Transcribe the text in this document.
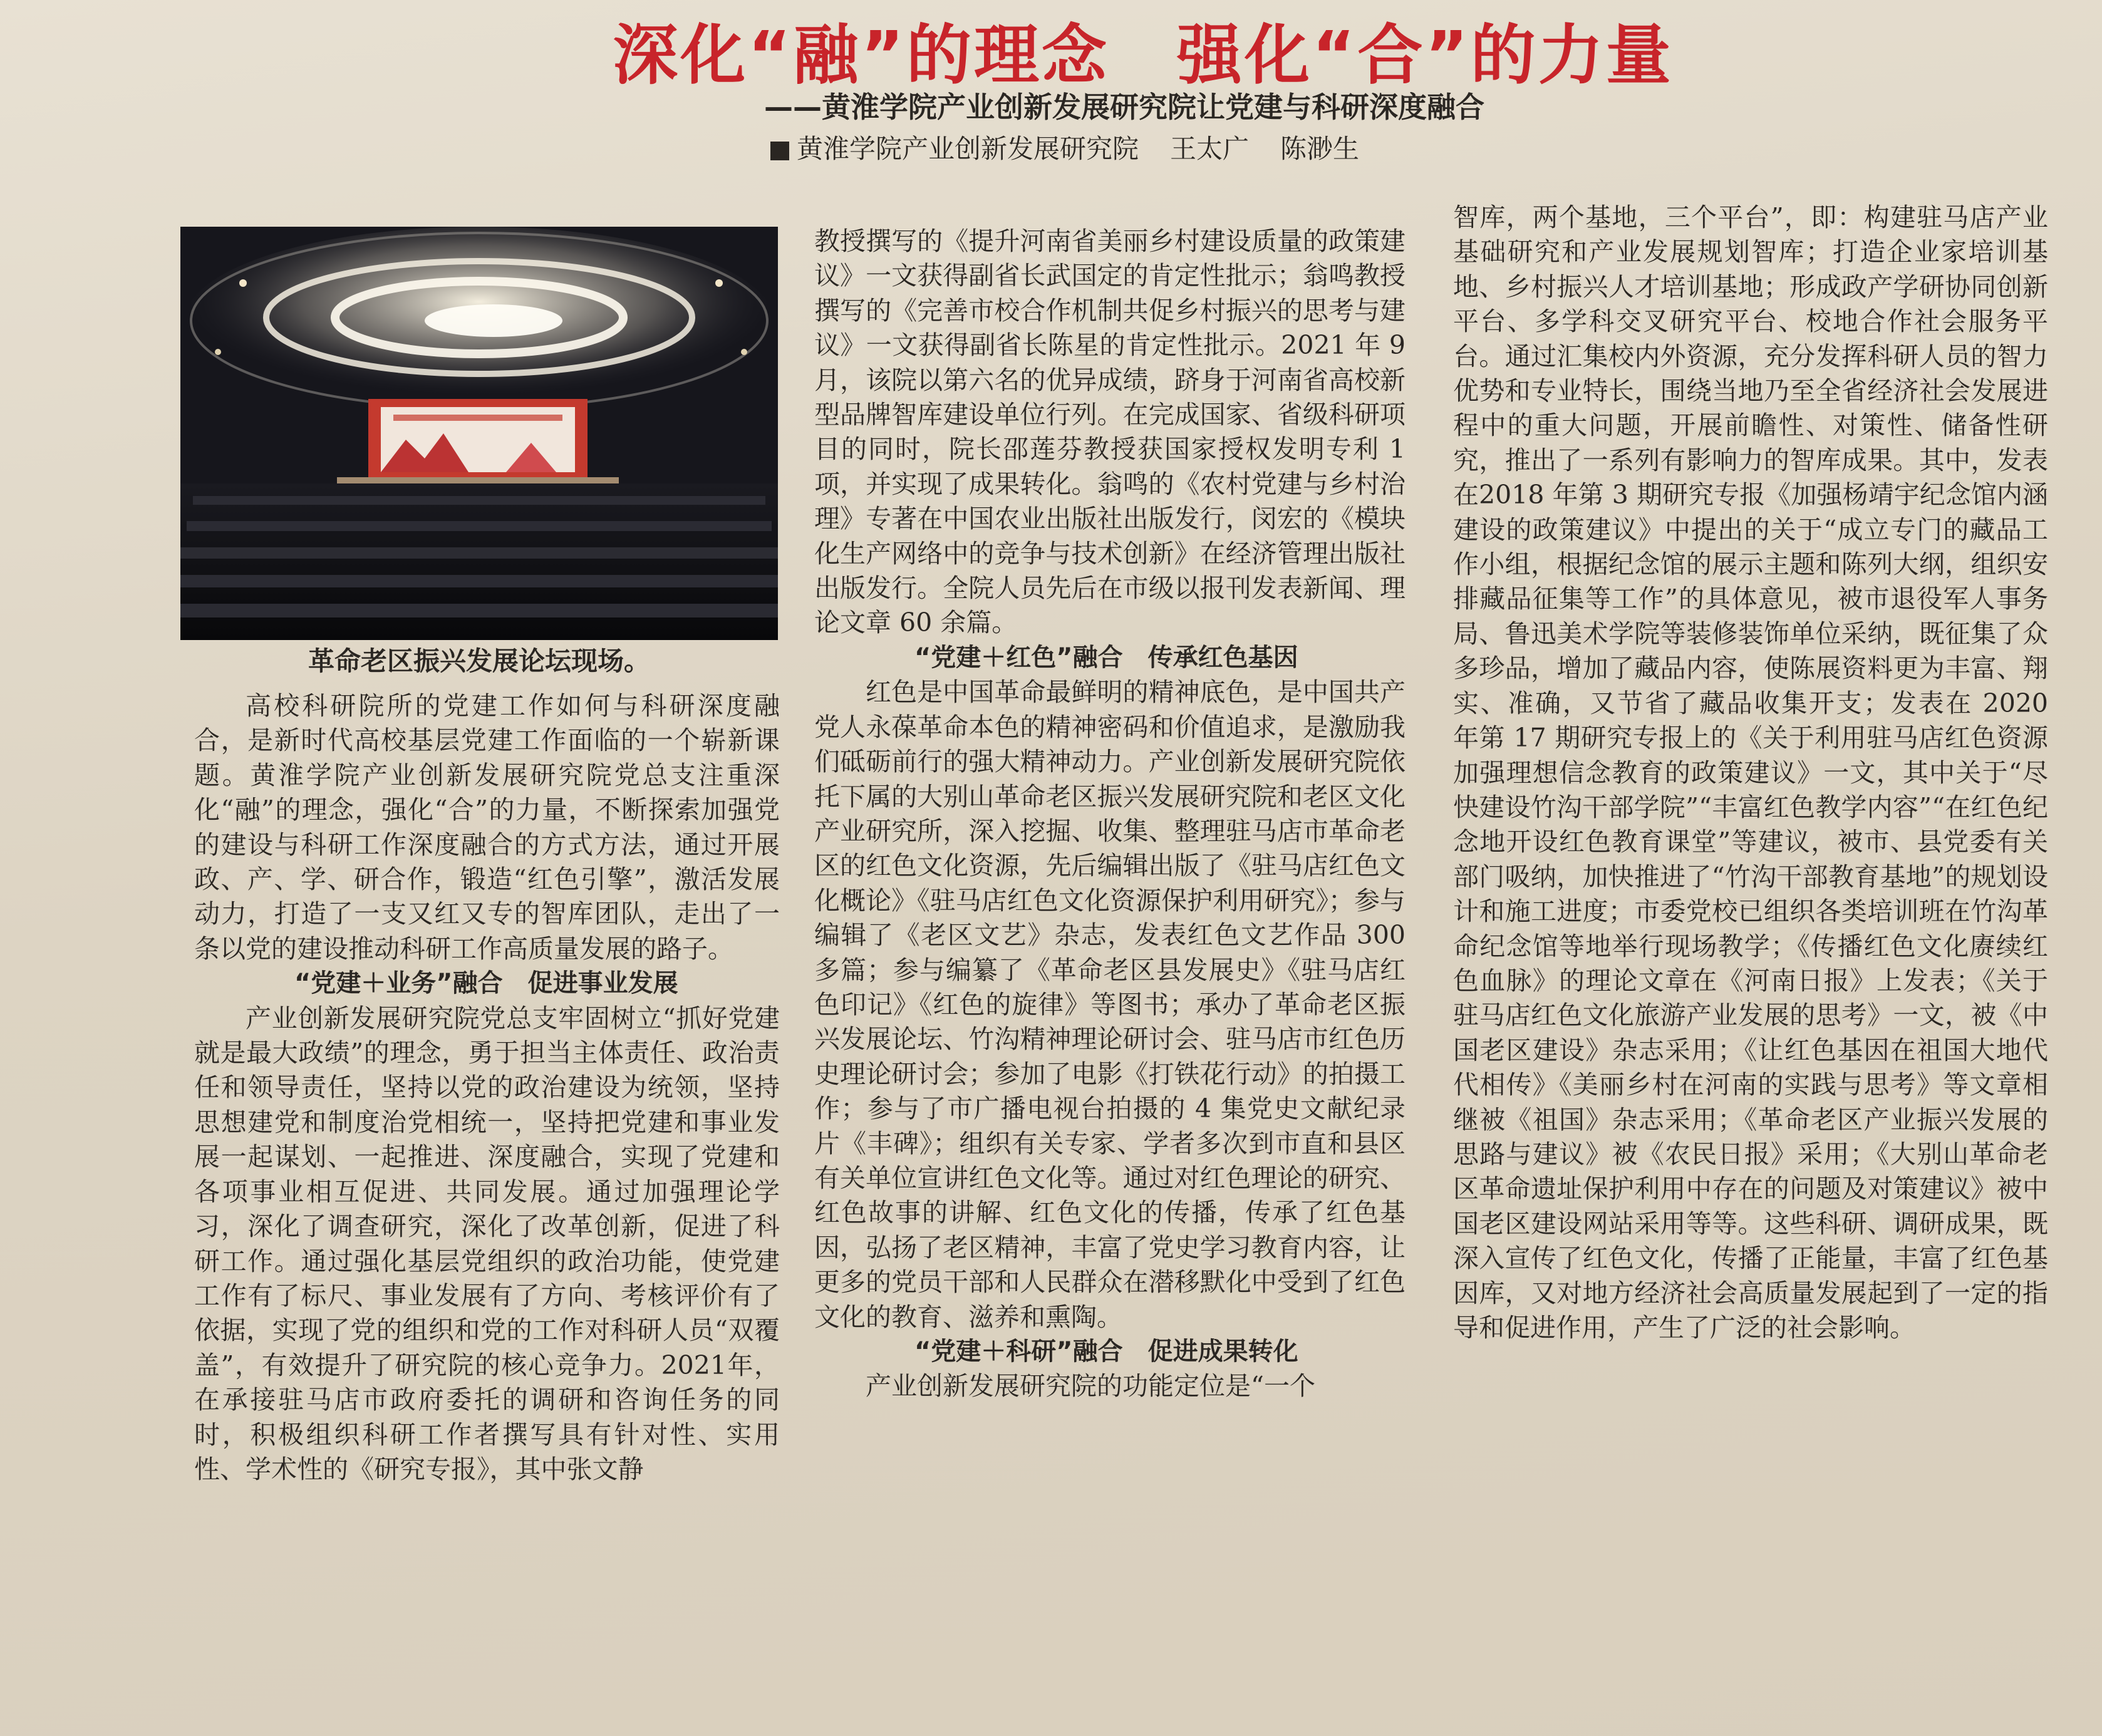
深化“融”的理念　强化“合”的力量
——黄淮学院产业创新发展研究院让党建与科研深度融合
黄淮学院产业创新发展研究院 王太广 陈渺生
革命老区振兴发展论坛现场。

高校科研院所的党建工作如何与科研深度融合，是新时代高校基层党建工作面临的一个崭新课题。黄淮学院产业创新发展研究院党总支注重深化“融”的理念，强化“合”的力量，不断探索加强党的建设与科研工作深度融合的方式方法，通过开展政、产、学、研合作，锻造“红色引擎”，激活发展动力，打造了一支又红又专的智库团队，走出了一条以党的建设推动科研工作高质量发展的路子。

“党建＋业务”融合　促进事业发展

产业创新发展研究院党总支牢固树立“抓好党建就是最大政绩”的理念，勇于担当主体责任、政治责任和领导责任，坚持以党的政治建设为统领，坚持思想建党和制度治党相统一，坚持把党建和事业发展一起谋划、一起推进、深度融合，实现了党建和各项事业相互促进、共同发展。通过加强理论学习，深化了调查研究，深化了改革创新，促进了科研工作。通过强化基层党组织的政治功能，使党建工作有了标尺、事业发展有了方向、考核评价有了依据，实现了党的组织和党的工作对科研人员“双覆盖”，有效提升了研究院的核心竞争力。2021年，在承接驻马店市政府委托的调研和咨询任务的同时，积极组织科研工作者撰写具有针对性、实用性、学术性的《研究专报》，其中张文静

教授撰写的《提升河南省美丽乡村建设质量的政策建议》一文获得副省长武国定的肯定性批示；翁鸣教授撰写的《完善市校合作机制共促乡村振兴的思考与建议》一文获得副省长陈星的肯定性批示。2021 年 9 月，该院以第六名的优异成绩，跻身于河南省高校新型品牌智库建设单位行列。在完成国家、省级科研项目的同时，院长邵莲芬教授获国家授权发明专利 1 项，并实现了成果转化。翁鸣的《农村党建与乡村治理》专著在中国农业出版社出版发行，闵宏的《模块化生产网络中的竞争与技术创新》在经济管理出版社出版发行。全院人员先后在市级以报刊发表新闻、理论文章 60 余篇。

“党建＋红色”融合　传承红色基因

红色是中国革命最鲜明的精神底色，是中国共产党人永葆革命本色的精神密码和价值追求，是激励我们砥砺前行的强大精神动力。产业创新发展研究院依托下属的大别山革命老区振兴发展研究院和老区文化产业研究所，深入挖掘、收集、整理驻马店市革命老区的红色文化资源，先后编辑出版了《驻马店红色文化概论》《驻马店红色文化资源保护利用研究》；参与编辑了《老区文艺》杂志，发表红色文艺作品 300 多篇；参与编纂了《革命老区县发展史》《驻马店红色印记》《红色的旋律》等图书；承办了革命老区振兴发展论坛、竹沟精神理论研讨会、驻马店市红色历史理论研讨会；参加了电影《打铁花行动》的拍摄工作；参与了市广播电视台拍摄的 4 集党史文献纪录片《丰碑》；组织有关专家、学者多次到市直和县区有关单位宣讲红色文化等。通过对红色理论的研究、红色故事的讲解、红色文化的传播，传承了红色基因，弘扬了老区精神，丰富了党史学习教育内容，让更多的党员干部和人民群众在潜移默化中受到了红色文化的教育、滋养和熏陶。

“党建＋科研”融合　促进成果转化

产业创新发展研究院的功能定位是“一个

智库，两个基地，三个平台”，即：构建驻马店产业基础研究和产业发展规划智库；打造企业家培训基地、乡村振兴人才培训基地；形成政产学研协同创新平台、多学科交叉研究平台、校地合作社会服务平台。通过汇集校内外资源，充分发挥科研人员的智力优势和专业特长，围绕当地乃至全省经济社会发展进程中的重大问题，开展前瞻性、对策性、储备性研究，推出了一系列有影响力的智库成果。其中，发表在2018 年第 3 期研究专报《加强杨靖宇纪念馆内涵建设的政策建议》中提出的关于“成立专门的藏品工作小组，根据纪念馆的展示主题和陈列大纲，组织安排藏品征集等工作”的具体意见，被市退役军人事务局、鲁迅美术学院等装修装饰单位采纳，既征集了众多珍品，增加了藏品内容，使陈展资料更为丰富、翔实、准确，又节省了藏品收集开支；发表在 2020 年第 17 期研究专报上的《关于利用驻马店红色资源　加强理想信念教育的政策建议》一文，其中关于“尽快建设竹沟干部学院”“丰富红色教学内容”“在红色纪念地开设红色教育课堂”等建议，被市、县党委有关部门吸纳，加快推进了“竹沟干部教育基地”的规划设计和施工进度；市委党校已组织各类培训班在竹沟革命纪念馆等地举行现场教学；《传播红色文化赓续红色血脉》的理论文章在《河南日报》上发表；《关于驻马店红色文化旅游产业发展的思考》一文，被《中国老区建设》杂志采用；《让红色基因在祖国大地代代相传》《美丽乡村在河南的实践与思考》等文章相继被《祖国》杂志采用；《革命老区产业振兴发展的思路与建议》被《农民日报》采用；《大别山革命老区革命遗址保护利用中存在的问题及对策建议》被中国老区建设网站采用等等。这些科研、调研成果，既深入宣传了红色文化，传播了正能量，丰富了红色基因库，又对地方经济社会高质量发展起到了一定的指导和促进作用，产生了广泛的社会影响。
